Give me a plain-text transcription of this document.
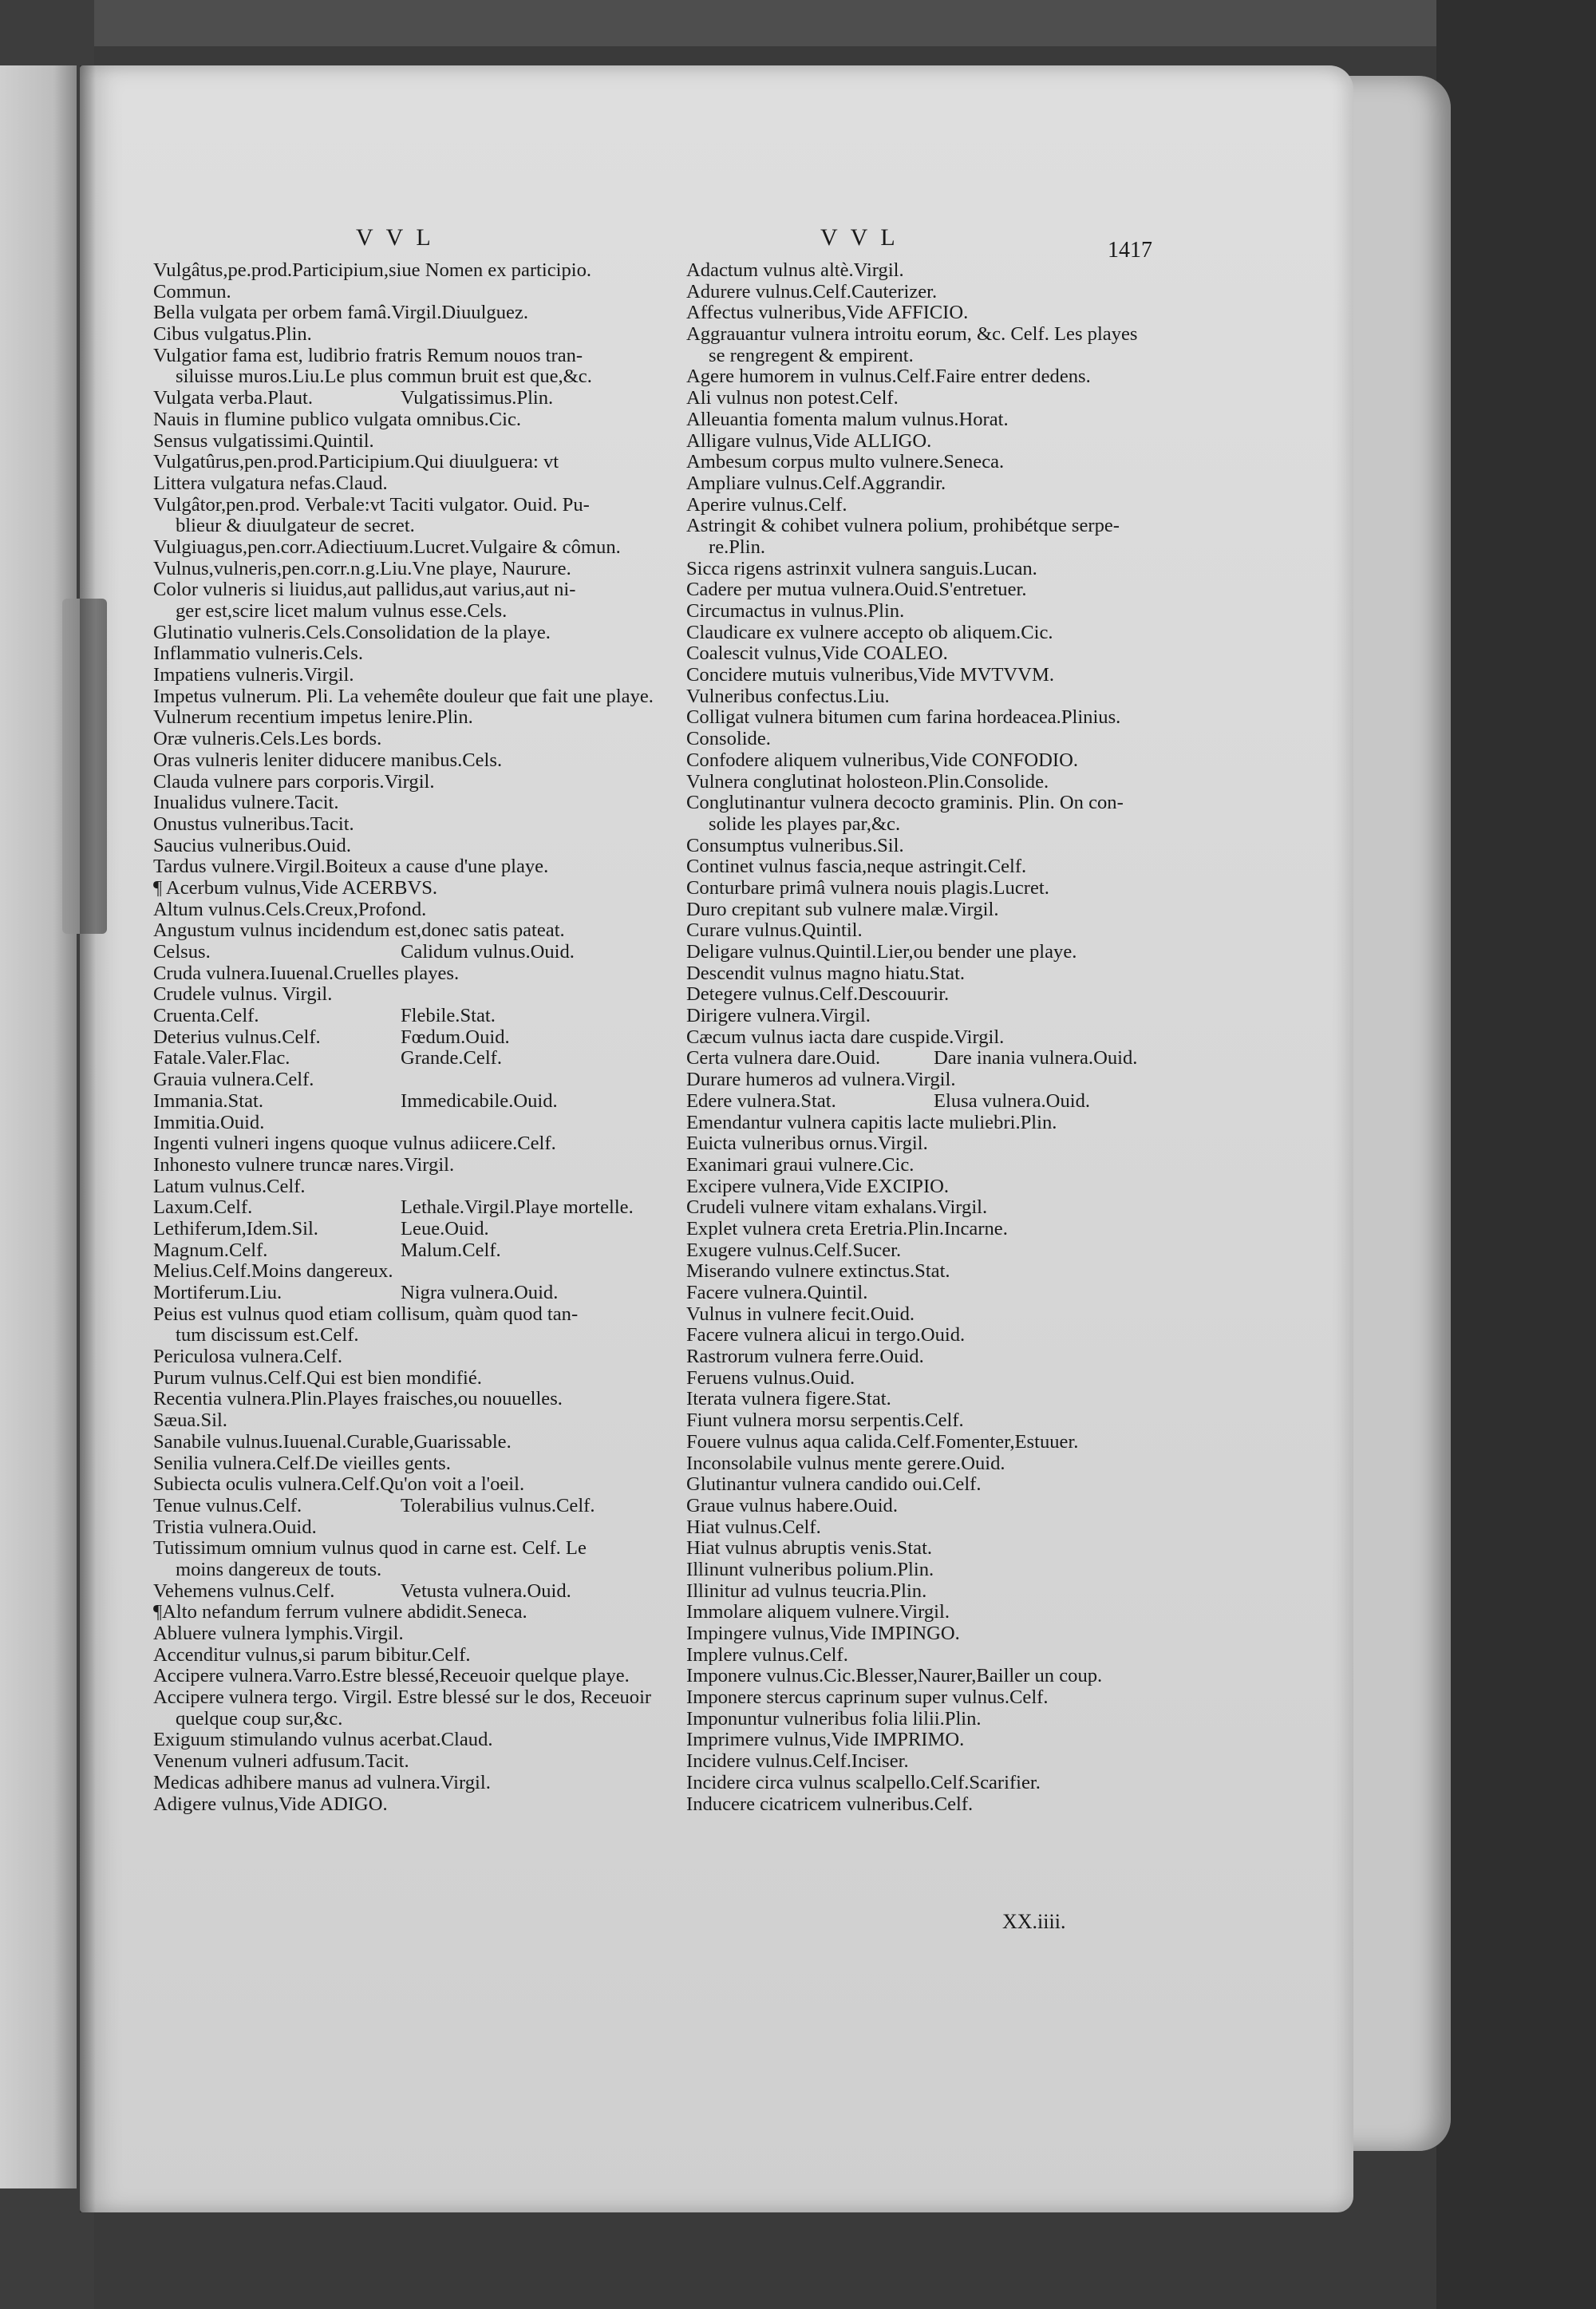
VVL	VVL	1417
Vulgâtus,pe.prod.Participium,siue Nomen ex participio.
Commun.
Bella vulgata per orbem famâ.Virgil.Diuulguez.
Cibus vulgatus.Plin.
Vulgatior fama est, ludibrio fratris Remum nouos tran-
siluisse muros.Liu.Le plus commun bruit est que,&c.
Vulgata verba.Plaut.	Vulgatissimus.Plin.
Nauis in flumine publico vulgata omnibus.Cic.
Sensus vulgatissimi.Quintil.
Vulgatûrus,pen.prod.Participium.Qui diuulguera: vt
Littera vulgatura nefas.Claud.
Vulgâtor,pen.prod. Verbale:vt Taciti vulgator. Ouid. Pu-
blieur & diuulgateur de secret.
Vulgiuagus,pen.corr.Adiectiuum.Lucret.Vulgaire & cômun.
Vulnus,vulneris,pen.corr.n.g.Liu.Vne playe, Naurure.
Color vulneris si liuidus,aut pallidus,aut varius,aut ni-
ger est,scire licet malum vulnus esse.Cels.
Glutinatio vulneris.Cels.Consolidation de la playe.
Inflammatio vulneris.Cels.
Impatiens vulneris.Virgil.
Impetus vulnerum. Pli. La vehemête douleur que fait une playe.
Vulnerum recentium impetus lenire.Plin.
Oræ vulneris.Cels.Les bords.
Oras vulneris leniter diducere manibus.Cels.
Clauda vulnere pars corporis.Virgil.
Inualidus vulnere.Tacit.
Onustus vulneribus.Tacit.
Saucius vulneribus.Ouid.
Tardus vulnere.Virgil.Boiteux a cause d'une playe.
¶ Acerbum vulnus,Vide ACERBVS.
Altum vulnus.Cels.Creux,Profond.
Angustum vulnus incidendum est,donec satis pateat.
Celsus.	Calidum vulnus.Ouid.
Cruda vulnera.Iuuenal.Cruelles playes.
Crudele vulnus. Virgil.
Cruenta.Celf.	Flebile.Stat.
Deterius vulnus.Celf.	Fœdum.Ouid.
Fatale.Valer.Flac.	Grande.Celf.
Grauia vulnera.Celf.
Immania.Stat.	Immedicabile.Ouid.
Immitia.Ouid.
Ingenti vulneri ingens quoque vulnus adiicere.Celf.
Inhonesto vulnere truncæ nares.Virgil.
Latum vulnus.Celf.
Laxum.Celf.	Lethale.Virgil.Playe mortelle.
Lethiferum,Idem.Sil.	Leue.Ouid.
Magnum.Celf.	Malum.Celf.
Melius.Celf.Moins dangereux.
Mortiferum.Liu.	Nigra vulnera.Ouid.
Peius est vulnus quod etiam collisum, quàm quod tan-
tum discissum est.Celf.
Periculosa vulnera.Celf.
Purum vulnus.Celf.Qui est bien mondifié.
Recentia vulnera.Plin.Playes fraisches,ou nouuelles.
Sæua.Sil.
Sanabile vulnus.Iuuenal.Curable,Guarissable.
Senilia vulnera.Celf.De vieilles gents.
Subiecta oculis vulnera.Celf.Qu'on voit a l'oeil.
Tenue vulnus.Celf.	Tolerabilius vulnus.Celf.
Tristia vulnera.Ouid.
Tutissimum omnium vulnus quod in carne est. Celf. Le
moins dangereux de touts.
Vehemens vulnus.Celf.	Vetusta vulnera.Ouid.
¶Alto nefandum ferrum vulnere abdidit.Seneca.
Abluere vulnera lymphis.Virgil.
Accenditur vulnus,si parum bibitur.Celf.
Accipere vulnera.Varro.Estre blessé,Receuoir quelque playe.
Accipere vulnera tergo. Virgil. Estre blessé sur le dos, Receuoir
quelque coup sur,&c.
Exiguum stimulando vulnus acerbat.Claud.
Venenum vulneri adfusum.Tacit.
Medicas adhibere manus ad vulnera.Virgil.
Adigere vulnus,Vide ADIGO.
Adactum vulnus altè.Virgil.
Adurere vulnus.Celf.Cauterizer.
Affectus vulneribus,Vide AFFICIO.
Aggrauantur vulnera introitu eorum, &c. Celf. Les playes
se rengregent & empirent.
Agere humorem in vulnus.Celf.Faire entrer dedens.
Ali vulnus non potest.Celf.
Alleuantia fomenta malum vulnus.Horat.
Alligare vulnus,Vide ALLIGO.
Ambesum corpus multo vulnere.Seneca.
Ampliare vulnus.Celf.Aggrandir.
Aperire vulnus.Celf.
Astringit & cohibet vulnera polium, prohibétque serpe-
re.Plin.
Sicca rigens astrinxit vulnera sanguis.Lucan.
Cadere per mutua vulnera.Ouid.S'entretuer.
Circumactus in vulnus.Plin.
Claudicare ex vulnere accepto ob aliquem.Cic.
Coalescit vulnus,Vide COALEO.
Concidere mutuis vulneribus,Vide MVTVVM.
Vulneribus confectus.Liu.
Colligat vulnera bitumen cum farina hordeacea.Plinius.
Consolide.
Confodere aliquem vulneribus,Vide CONFODIO.
Vulnera conglutinat holosteon.Plin.Consolide.
Conglutinantur vulnera decocto graminis. Plin. On con-
solide les playes par,&c.
Consumptus vulneribus.Sil.
Continet vulnus fascia,neque astringit.Celf.
Conturbare primâ vulnera nouis plagis.Lucret.
Duro crepitant sub vulnere malæ.Virgil.
Curare vulnus.Quintil.
Deligare vulnus.Quintil.Lier,ou bender une playe.
Descendit vulnus magno hiatu.Stat.
Detegere vulnus.Celf.Descouurir.
Dirigere vulnera.Virgil.
Cæcum vulnus iacta dare cuspide.Virgil.
Certa vulnera dare.Ouid.	Dare inania vulnera.Ouid.
Durare humeros ad vulnera.Virgil.
Edere vulnera.Stat.	Elusa vulnera.Ouid.
Emendantur vulnera capitis lacte muliebri.Plin.
Euicta vulneribus ornus.Virgil.
Exanimari graui vulnere.Cic.
Excipere vulnera,Vide EXCIPIO.
Crudeli vulnere vitam exhalans.Virgil.
Explet vulnera creta Eretria.Plin.Incarne.
Exugere vulnus.Celf.Sucer.
Miserando vulnere extinctus.Stat.
Facere vulnera.Quintil.
Vulnus in vulnere fecit.Ouid.
Facere vulnera alicui in tergo.Ouid.
Rastrorum vulnera ferre.Ouid.
Feruens vulnus.Ouid.
Iterata vulnera figere.Stat.
Fiunt vulnera morsu serpentis.Celf.
Fouere vulnus aqua calida.Celf.Fomenter,Estuuer.
Inconsolabile vulnus mente gerere.Ouid.
Glutinantur vulnera candido oui.Celf.
Graue vulnus habere.Ouid.
Hiat vulnus.Celf.
Hiat vulnus abruptis venis.Stat.
Illinunt vulneribus polium.Plin.
Illinitur ad vulnus teucria.Plin.
Immolare aliquem vulnere.Virgil.
Impingere vulnus,Vide IMPINGO.
Implere vulnus.Celf.
Imponere vulnus.Cic.Blesser,Naurer,Bailler un coup.
Imponere stercus caprinum super vulnus.Celf.
Imponuntur vulneribus folia lilii.Plin.
Imprimere vulnus,Vide IMPRIMO.
Incidere vulnus.Celf.Inciser.
Incidere circa vulnus scalpello.Celf.Scarifier.
Inducere cicatricem vulneribus.Celf.
XX.iiii.
